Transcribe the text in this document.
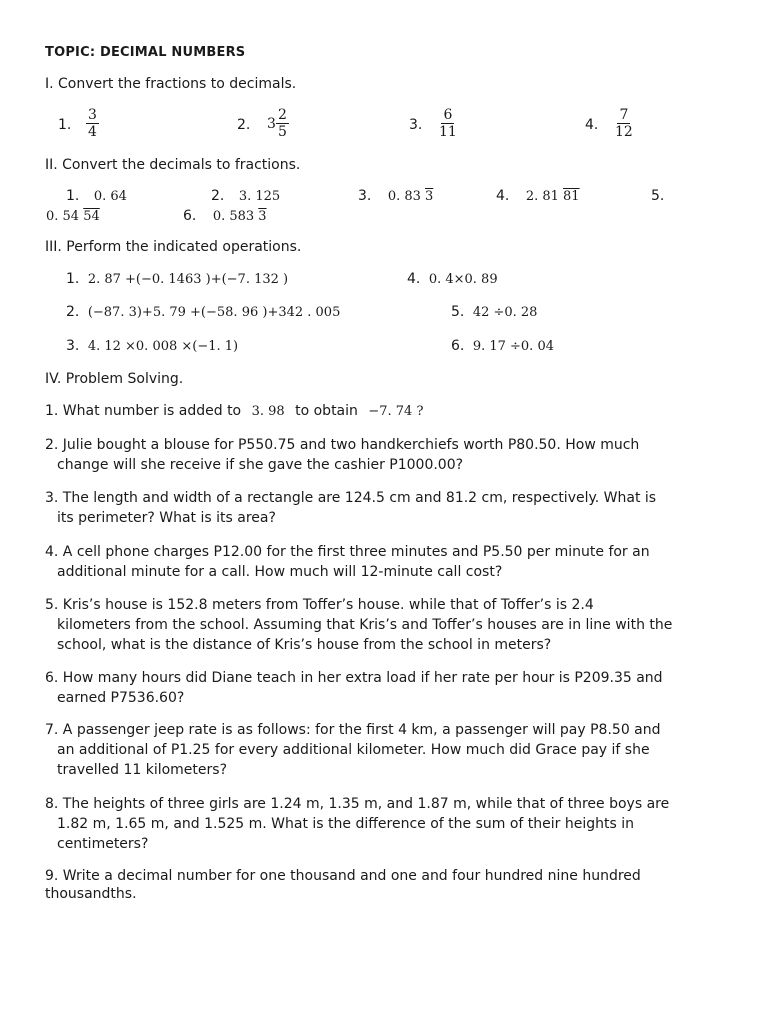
TOPIC: DECIMAL NUMBERS
I. Convert the fractions to decimals.
1. $\frac{3}{4}$	2. $3 \frac{2}{5}$	3. $\frac{6}{11}$	4. $\frac{7}{12}$
II. Convert the decimals to fractions.
1. 0. 64	2. 3. 125	3. 0. 83 3	4. 2. 81 81	5.
0. 54 54	6. 0. 583 3
III. Perform the indicated operations.
1. 2. 87 +(−0. 1463 )+(−7. 132 )
2. (−87. 3)+5. 79 +(−58. 96 )+342 . 005
3. 4. 12 ×0. 008 ×(−1. 1)
4. 0. 4×0. 89
5. 42 ÷0. 28
6. 9. 17 ÷0. 04
IV. Problem Solving.
1. What number is added to 3. 98 to obtain −7. 74 ?
2. Julie bought a blouse for P550.75 and two handkerchiefs worth P80.50. How much
change will she receive if she gave the cashier P1000.00?
3. The length and width of a rectangle are 124.5 cm and 81.2 cm, respectively. What is
its perimeter? What is its area?
4. A cell phone charges P12.00 for the first three minutes and P5.50 per minute for an
additional minute for a call. How much will 12-minute call cost?
5. Kris’s house is 152.8 meters from Toffer’s house. while that of Toffer’s is 2.4
kilometers from the school. Assuming that Kris’s and Toffer’s houses are in line with the
school, what is the distance of Kris’s house from the school in meters?
6. How many hours did Diane teach in her extra load if her rate per hour is P209.35 and
earned P7536.60?
7. A passenger jeep rate is as follows: for the first 4 km, a passenger will pay P8.50 and
an additional of P1.25 for every additional kilometer. How much did Grace pay if she
travelled 11 kilometers?
8. The heights of three girls are 1.24 m, 1.35 m, and 1.87 m, while that of three boys are
1.82 m, 1.65 m, and 1.525 m. What is the difference of the sum of their heights in
centimeters?
9. Write a decimal number for one thousand and one and four hundred nine hundred
thousandths.
